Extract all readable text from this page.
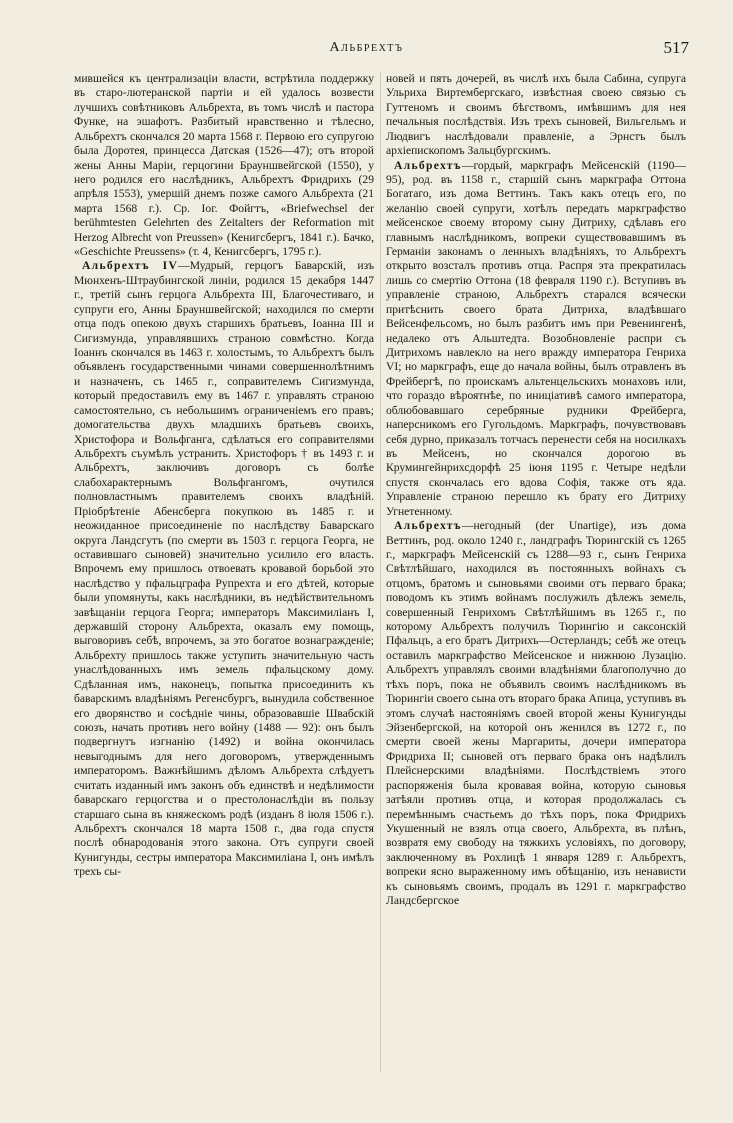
Альбрехтъ	517

мившейся къ централизаціи власти, встрѣтила поддержку въ старо-лютеранской партіи и ей удалось возвести лучшихъ совѣтниковъ Альбрехта, въ томъ числѣ и пастора Функе, на эшафотъ. Разбитый нравственно и тѣлесно, Альбрехтъ скончался 20 марта 1568 г. Первою его супругою была Доротея, принцесса Датская (1526—47); отъ второй жены Анны Маріи, герцогини Брауншвейгской (1550), у него родился его наслѣдникъ, Альбрехтъ Фридрихъ (29 апрѣля 1553), умершій днемъ позже самого Альбрехта (21 марта 1568 г.). Ср. Іог. Фойгтъ, «Briefwechsel der berühmtesten Gelehrten des Zeitalters der Reformation mit Herzog Albrecht von Preussen» (Кенигсбергъ, 1841 г.). Бачко, «Geschichte Preussens» (т. 4, Кенигсбергъ, 1795 г.).

Альбрехтъ IV—Мудрый, герцогъ Баварскій, изъ Мюнхенъ-Штраубингской линіи, родился 15 декабря 1447 г., третій сынъ герцога Альбрехта III, Благочестиваго, и супруги его, Анны Брауншвейгской; находился по смерти отца подъ опекою двухъ старшихъ братьевъ, Іоанна III и Сигизмунда, управлявшихъ страною совмѣстно. Когда Іоаннъ скончался въ 1463 г. холостымъ, то Альбрехтъ былъ объявленъ государственными чинами совершеннолѣтнимъ и назначенъ, съ 1465 г., соправителемъ Сигизмунда, который предоставилъ ему въ 1467 г. управлять страною самостоятельно, съ небольшимъ ограниченіемъ его правъ; домогательства двухъ младшихъ братьевъ своихъ, Христофора и Вольфганга, сдѣлаться его соправителями Альбрехтъ съумѣлъ устранить. Христофоръ † въ 1493 г. и Альбрехтъ, заключивъ договоръ съ болѣе слабохарактернымъ Вольфгангомъ, очутился полновластнымъ правителемъ своихъ владѣній. Пріобрѣтеніе Абенсберга покупкою въ 1485 г. и неожиданное присоединеніе по наслѣдству Баварскаго округа Ландсгутъ (по смерти въ 1503 г. герцога Георга, не оставившаго сыновей) значительно усилило его власть. Впрочемъ ему пришлось отвоевать кровавой борьбой это наслѣдство у пфальцграфа Рупрехта и его дѣтей, которые были упомянуты, какъ наслѣдники, въ недѣйствительномъ завѣщаніи герцога Георга; императоръ Максимиліанъ I, державшій сторону Альбрехта, оказалъ ему помощь, выговоривъ себѣ, впрочемъ, за это богатое вознагражденіе; Альбрехту пришлось также уступить значительную часть унаслѣдованныхъ имъ земель пфальцскому дому. Сдѣланная имъ, наконецъ, попытка присоединить къ баварскимъ владѣніямъ Регенсбургъ, вынудила собственное его дворянство и сосѣдніе чины, образовавшіе Швабскій союзъ, начать противъ него войну (1488 — 92): онъ былъ подвергнутъ изгнанію (1492) и война окончилась невыгоднымъ для него договоромъ, утвержденнымъ императоромъ. Важнѣйшимъ дѣломъ Альбрехта слѣдуетъ считать изданный имъ законъ объ единствѣ и недѣлимости баварскаго герцогства и о престолонаслѣдіи въ пользу старшаго сына въ княжескомъ родѣ (изданъ 8 іюля 1506 г.). Альбрехтъ скончался 18 марта 1508 г., два года спустя послѣ обнародованія этого закона. Отъ супруги своей Кунигунды, сестры императора Максимиліана I, онъ имѣлъ трехъ сы-

новей и пять дочерей, въ числѣ ихъ была Сабина, супруга Ульриха Виртембергскаго, извѣстная своею связью съ Гуттеномъ и своимъ бѣгствомъ, имѣвшимъ для нея печальныя послѣдствія. Изъ трехъ сыновей, Вильгельмъ и Людвигъ наслѣдовали правленіе, а Эрнстъ былъ архіепископомъ Зальцбургскимъ.

Альбрехтъ—гордый, маркграфъ Мейсенскій (1190—95), род. въ 1158 г., старшій сынъ маркграфа Оттона Богатаго, изъ дома Веттинъ. Такъ какъ отецъ его, по желанію своей супруги, хотѣлъ передать маркграфство мейсенское своему второму сыну Дитриху, сдѣлавъ его главнымъ наслѣдникомъ, вопреки существовавшимъ въ Германіи законамъ о ленныхъ владѣніяхъ, то Альбрехтъ открыто возсталъ противъ отца. Распря эта прекратилась лишь со смертію Оттона (18 февраля 1190 г.). Вступивъ въ управленіе страною, Альбрехтъ старался всячески притѣснить своего брата Дитриха, владѣвшаго Вейсенфельсомъ, но былъ разбитъ имъ при Ревенингенѣ, недалеко отъ Альштедта. Возобновленіе распри съ Дитрихомъ навлекло на него вражду императора Генриха VI; но маркграфъ, еще до начала войны, былъ отравленъ въ Фрейбергѣ, по проискамъ альтенцельскихъ монаховъ или, что гораздо вѣроятнѣе, по иниціативѣ самого императора, облюбовавшаго серебряные рудники Фрейберга, наперсникомъ его Гугольдомъ. Маркграфъ, почувствовавъ себя дурно, приказалъ тотчасъ перенести себя на носилкахъ въ Мейсенъ, но скончался дорогою въ Крумингейнрихсдорфѣ 25 іюня 1195 г. Четыре недѣли спустя скончалась его вдова Софія, также отъ яда. Управленіе страною перешло къ брату его Дитриху Угнетенному.

Альбрехтъ—негодный (der Unartige), изъ дома Веттинъ, род. около 1240 г., ландграфъ Тюрингскій съ 1265 г., маркграфъ Мейсенскій съ 1288—93 г., сынъ Генриха Свѣтлѣйшаго, находился въ постоянныхъ войнахъ съ отцомъ, братомъ и сыновьями своими отъ перваго брака; поводомъ къ этимъ войнамъ послужилъ дѣлежъ земель, совершенный Генрихомъ Свѣтлѣйшимъ въ 1265 г., по которому Альбрехтъ получилъ Тюрингію и саксонскій Пфальцъ, а его братъ Дитрихъ—Остерландъ; себѣ же отецъ оставилъ маркграфство Мейсенское и нижнюю Лузацію. Альбрехтъ управлялъ своими владѣніями благополучно до тѣхъ поръ, пока не объявилъ своимъ наслѣдникомъ въ Тюрингіи своего сына отъ втораго брака Апица, уступивъ въ этомъ случаѣ настояніямъ своей второй жены Кунигунды Эйзенбергской, на которой онъ женился въ 1272 г., по смерти своей жены Маргариты, дочери императора Фридриха II; сыновей отъ перваго брака онъ надѣлилъ Плейснерскими владѣніями. Послѣдствіемъ этого распоряженія была кровавая война, которую сыновья затѣяли противъ отца, и которая продолжалась съ перемѣннымъ счастьемъ до тѣхъ поръ, пока Фридрихъ Укушенный не взялъ отца своего, Альбрехта, въ плѣнъ, возвратя ему свободу на тяжкихъ условіяхъ, по договору, заключенному въ Рохлицѣ 1 января 1289 г. Альбрехтъ, вопреки ясно выраженному имъ обѣщанію, изъ ненависти къ сыновьямъ своимъ, продалъ въ 1291 г. маркграфство Ландсбергское
